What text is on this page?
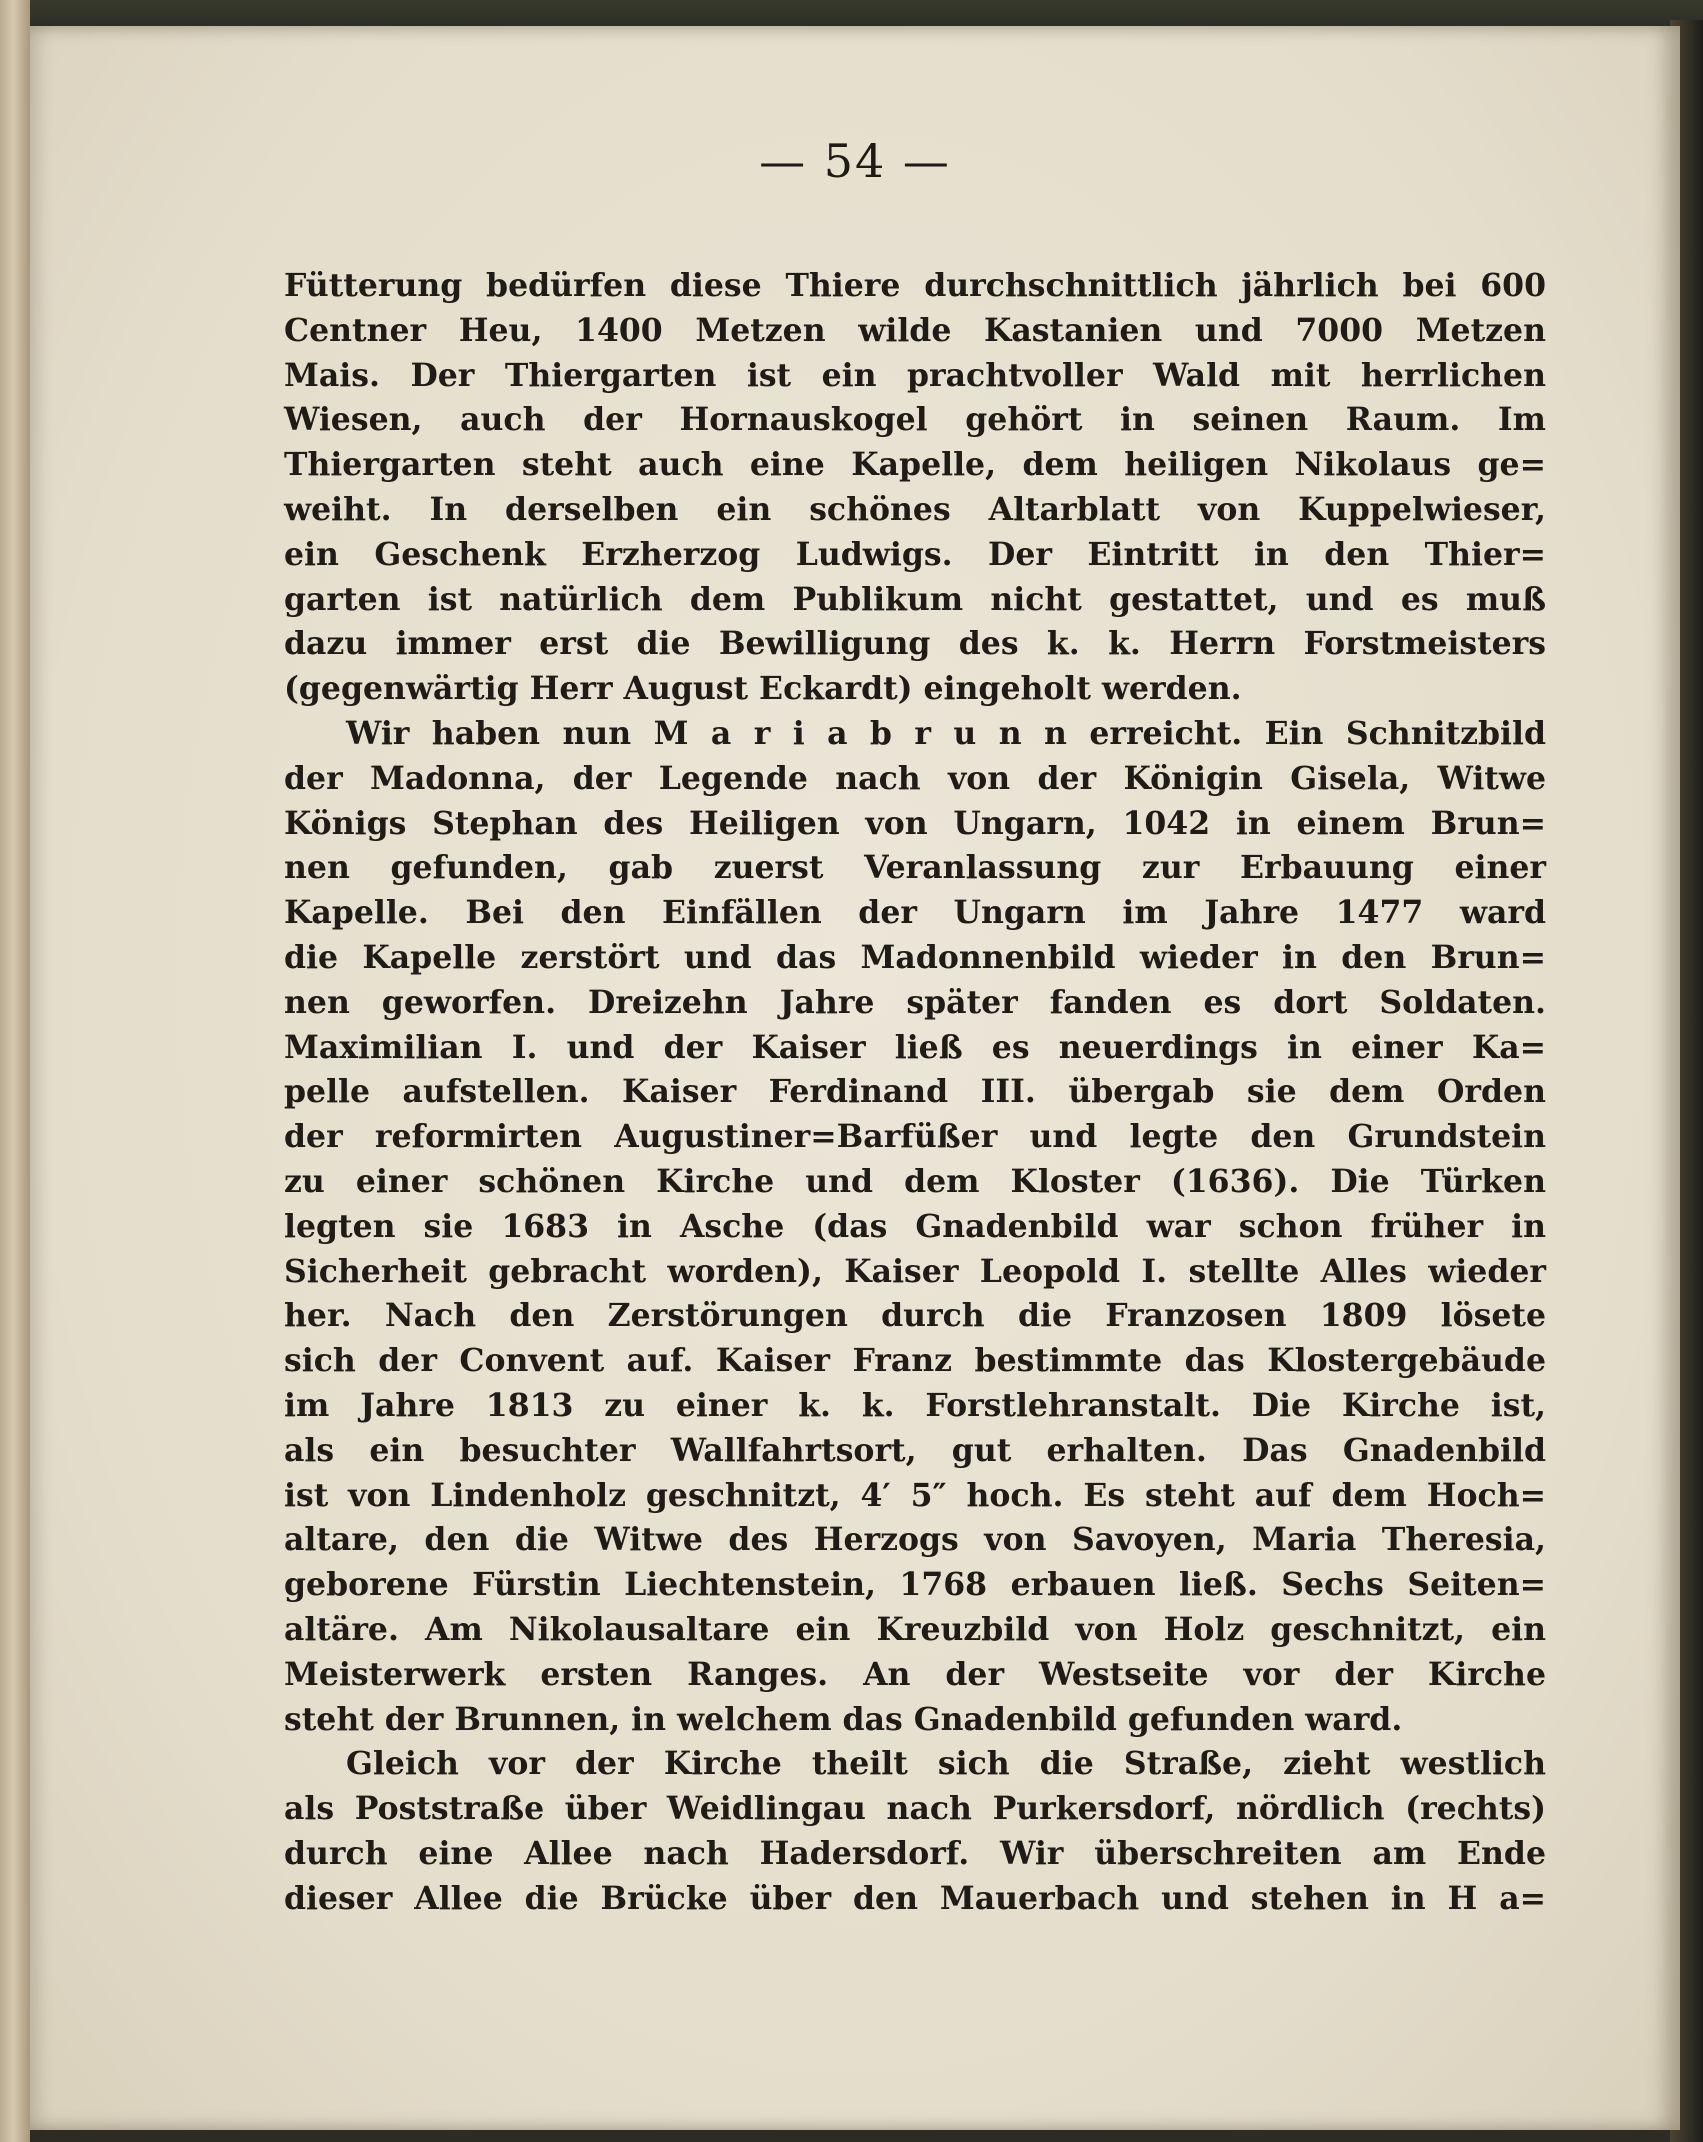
— 54 —
Fütterung bedürfen diese Thiere durchschnittlich jährlich bei 600
Centner Heu, 1400 Metzen wilde Kastanien und 7000 Metzen
Mais. Der Thiergarten ist ein prachtvoller Wald mit herrlichen
Wiesen, auch der Hornauskogel gehört in seinen Raum. Im
Thiergarten steht auch eine Kapelle, dem heiligen Nikolaus ge=
weiht. In derselben ein schönes Altarblatt von Kuppelwieser,
ein Geschenk Erzherzog Ludwigs. Der Eintritt in den Thier=
garten ist natürlich dem Publikum nicht gestattet, und es muß
dazu immer erst die Bewilligung des k. k. Herrn Forstmeisters
(gegenwärtig Herr August Eckardt) eingeholt werden.
Wir haben nun M a r i a b r u n n erreicht. Ein Schnitzbild
der Madonna, der Legende nach von der Königin Gisela, Witwe
Königs Stephan des Heiligen von Ungarn, 1042 in einem Brun=
nen gefunden, gab zuerst Veranlassung zur Erbauung einer
Kapelle. Bei den Einfällen der Ungarn im Jahre 1477 ward
die Kapelle zerstört und das Madonnenbild wieder in den Brun=
nen geworfen. Dreizehn Jahre später fanden es dort Soldaten.
Maximilian I. und der Kaiser ließ es neuerdings in einer Ka=
pelle aufstellen. Kaiser Ferdinand III. übergab sie dem Orden
der reformirten Augustiner=Barfüßer und legte den Grundstein
zu einer schönen Kirche und dem Kloster (1636). Die Türken
legten sie 1683 in Asche (das Gnadenbild war schon früher in
Sicherheit gebracht worden), Kaiser Leopold I. stellte Alles wieder
her. Nach den Zerstörungen durch die Franzosen 1809 lösete
sich der Convent auf. Kaiser Franz bestimmte das Klostergebäude
im Jahre 1813 zu einer k. k. Forstlehranstalt. Die Kirche ist,
als ein besuchter Wallfahrtsort, gut erhalten. Das Gnadenbild
ist von Lindenholz geschnitzt, 4′ 5″ hoch. Es steht auf dem Hoch=
altare, den die Witwe des Herzogs von Savoyen, Maria Theresia,
geborene Fürstin Liechtenstein, 1768 erbauen ließ. Sechs Seiten=
altäre. Am Nikolausaltare ein Kreuzbild von Holz geschnitzt, ein
Meisterwerk ersten Ranges. An der Westseite vor der Kirche
steht der Brunnen, in welchem das Gnadenbild gefunden ward.
Gleich vor der Kirche theilt sich die Straße, zieht westlich
als Poststraße über Weidlingau nach Purkersdorf, nördlich (rechts)
durch eine Allee nach Hadersdorf. Wir überschreiten am Ende
dieser Allee die Brücke über den Mauerbach und stehen in H a=
